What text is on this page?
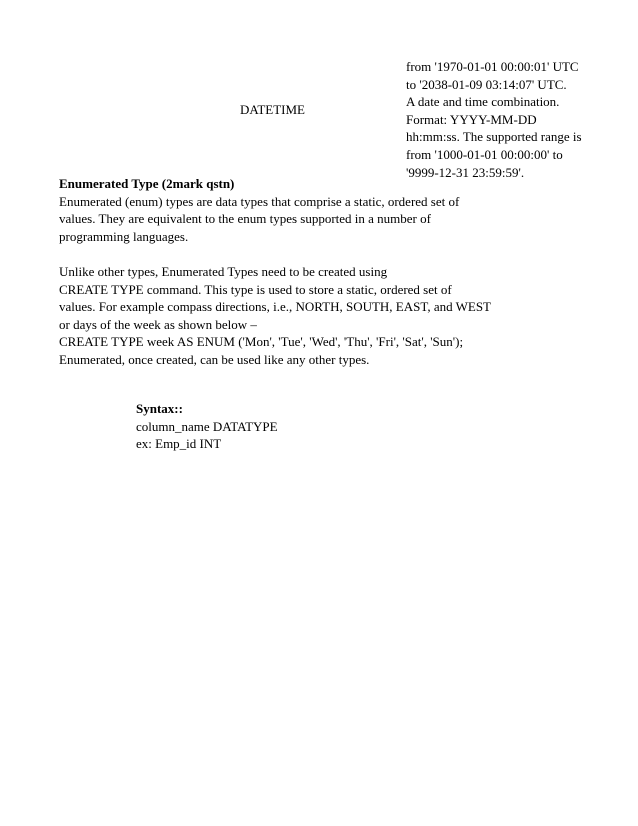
DATETIME
from '1970-01-01 00:00:01' UTC
to '2038-01-09 03:14:07' UTC.
A date and time combination.
Format: YYYY-MM-DD
hh:mm:ss. The supported range is
from '1000-01-01 00:00:00' to
'9999-12-31 23:59:59'.
Enumerated Type (2mark qstn)
Enumerated (enum) types are data types that comprise a static, ordered set of
values. They are equivalent to the enum types supported in a number of
programming languages.
Unlike other types, Enumerated Types need to be created using
CREATE TYPE command. This type is used to store a static, ordered set of
values. For example compass directions, i.e., NORTH, SOUTH, EAST, and WEST
or days of the week as shown below –
CREATE TYPE week AS ENUM ('Mon', 'Tue', 'Wed', 'Thu', 'Fri', 'Sat', 'Sun');
Enumerated, once created, can be used like any other types.
Syntax::
column_name DATATYPE
ex: Emp_id INT
